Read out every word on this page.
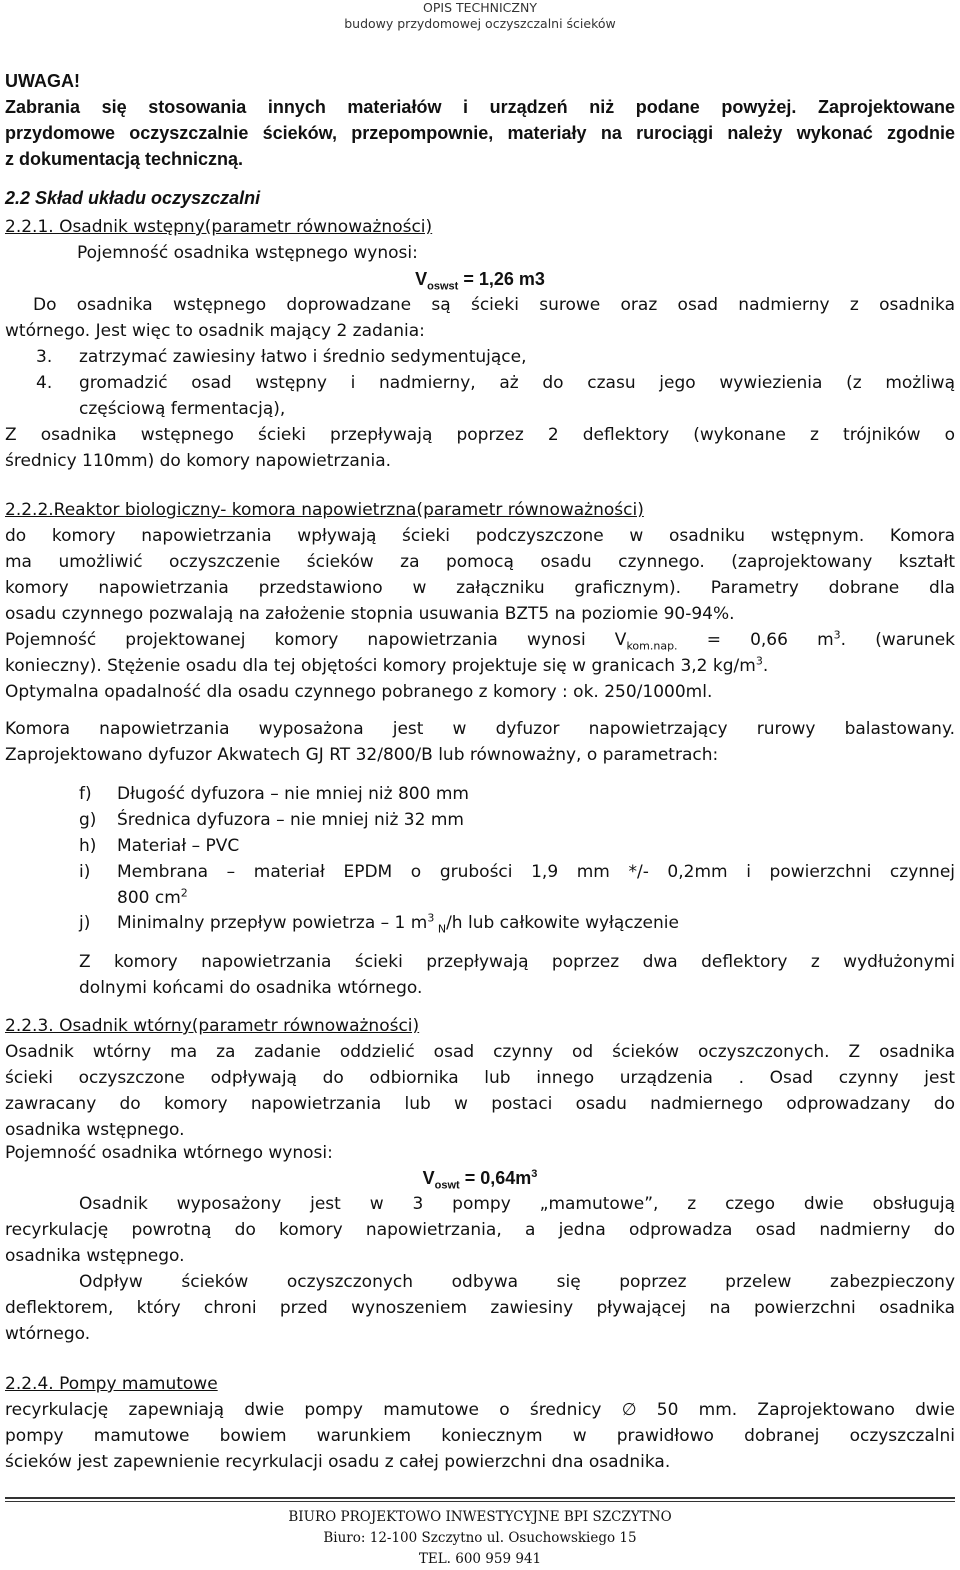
OPIS TECHNICZNY
budowy przydomowej oczyszczalni ścieków
UWAGA!
Zabrania się stosowania innych materiałów i urządzeń niż podane powyżej. Zaprojektowane
przydomowe oczyszczalnie ścieków, przepompownie, materiały na rurociągi należy wykonać zgodnie
z dokumentacją techniczną.
2.2 Skład układu oczyszczalni
2.2.1. Osadnik wstępny(parametr równoważności)
Pojemność osadnika wstępnego wynosi:
$V_{oswst} = 1,26$ m3
Do osadnika wstępnego doprowadzane są ścieki surowe oraz osad nadmierny z osadnika
wtórnego. Jest więc to osadnik mający 2 zadania:
3. zatrzymać zawiesiny łatwo i średnio sedymentujące,
4. gromadzić osad wstępny i nadmierny, aż do czasu jego wywiezienia (z możliwą
częściową fermentacją),
Z osadnika wstępnego ścieki przepływają poprzez 2 deflektory (wykonane z trójników o
średnicy 110mm) do komory napowietrzania.
2.2.2.Reaktor biologiczny- komora napowietrzna(parametr równoważności)
do komory napowietrzania wpływają ścieki podczyszczone w osadniku wstępnym. Komora
ma umożliwić oczyszczenie ścieków za pomocą osadu czynnego. (zaprojektowany kształt
komory napowietrzania przedstawiono w załączniku graficznym). Parametry dobrane dla
osadu czynnego pozwalają na założenie stopnia usuwania BZT5 na poziomie 90-94%.
Pojemność projektowanej komory napowietrzania wynosi $V_{kom.nap.} = 0,66$ $m^3$. (warunek
konieczny). Stężenie osadu dla tej objętości komory projektuje się w granicach 3,2 $kg/m^3$.
Optymalna opadalność dla osadu czynnego pobranego z komory : ok. 250/1000ml.
Komora napowietrzania wyposażona jest w dyfuzor napowietrzający rurowy balastowany.
Zaprojektowano dyfuzor Akwatech GJ RT 32/800/B lub równoważny, o parametrach:
f) Długość dyfuzora – nie mniej niż 800 mm
g) Średnica dyfuzora – nie mniej niż 32 mm
h) Materiał – PVC
i) Membrana – materiał EPDM o grubości 1,9 mm */- 0,2mm i powierzchni czynnej
800 $cm^2$
j) Minimalny przepływ powietrza – 1 $m^3$ $_N$/h lub całkowite wyłączenie
Z komory napowietrzania ścieki przepływają poprzez dwa deflektory z wydłużonymi
dolnymi końcami do osadnika wtórnego.
2.2.3. Osadnik wtórny(parametr równoważności)
Osadnik wtórny ma za zadanie oddzielić osad czynny od ścieków oczyszczonych. Z osadnika
ścieki oczyszczone odpływają do odbiornika lub innego urządzenia . Osad czynny jest
zawracany do komory napowietrzania lub w postaci osadu nadmiernego odprowadzany do
osadnika wstępnego.
Pojemność osadnika wtórnego wynosi:
$V_{oswt} = 0,64m^3$
Osadnik wyposażony jest w 3 pompy „mamutowe”, z czego dwie obsługują
recyrkulację powrotną do komory napowietrzania, a jedna odprowadza osad nadmierny do
osadnika wstępnego.
Odpływ ścieków oczyszczonych odbywa się poprzez przelew zabezpieczony
deflektorem, który chroni przed wynoszeniem zawiesiny pływającej na powierzchni osadnika
wtórnego.
2.2.4. Pompy mamutowe
recyrkulację zapewniają dwie pompy mamutowe o średnicy ∅ 50 mm. Zaprojektowano dwie
pompy mamutowe bowiem warunkiem koniecznym w prawidłowo dobranej oczyszczalni
ścieków jest zapewnienie recyrkulacji osadu z całej powierzchni dna osadnika.
BIURO PROJEKTOWO INWESTYCYJNE BPI SZCZYTNO
Biuro: 12-100 Szczytno ul. Osuchowskiego 15
TEL. 600 959 941
